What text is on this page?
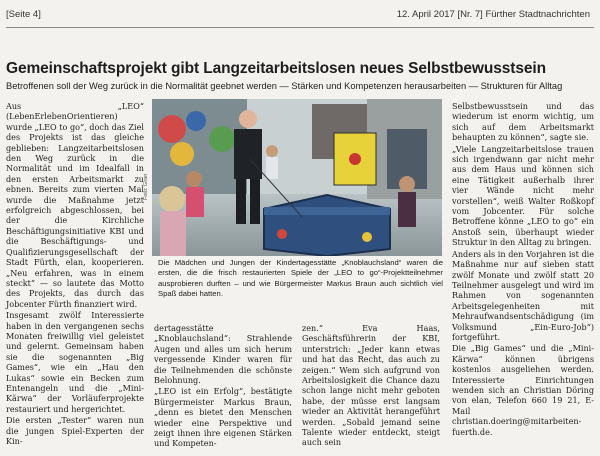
[Seite 4]	12. April 2017 [Nr. 7] Fürther Stadtnachrichten
Gemeinschaftsprojekt gibt Langzeitarbeitslosen neues Selbstbewusstsein
Betroffenen soll der Weg zurück in die Normalität geebnet werden — Stärken und Kompetenzen herausarbeiten — Strukturen für Alltag

Aus „LEO“ (LebenErlebenOrientieren) wurde „LEO to go“, doch das Ziel des Projekts ist das gleiche geblieben: Langzeitarbeitslosen den Weg zurück in die Normalität und im Idealfall in den ersten Arbeitsmarkt zu ebnen. Bereits zum vierten Mal wurde die Maßnahme jetzt erfolgreich abgeschlossen, bei der die Kirchliche Beschäftigungsinitiative KBI und die Beschäftigungs- und Qualifizierungsgesellschaft der Stadt Fürth, elan, kooperieren. „Neu erfahren, was in einem steckt“ — so lautete das Motto des Projekts, das durch das Jobcenter Fürth finanziert wird.

Insgesamt zwölf Interessierte haben in den vergangenen sechs Monaten freiwillig viel geleistet und gelernt. Gemeinsam haben sie die sogenannten „Big Games“, wie ein „Hau den Lukas“ sowie ein Becken zum Entenangeln und die „Mini-Kärwa“ der Vorläuferprojekte restauriert und hergerichtet.

Die ersten „Tester“ waren nun die jungen Spiel-Experten der Kin-

Foto: Gran
Die Mädchen und Jungen der Kindertagesstätte „Knoblauchsland“ waren die ersten, die die frisch restaurierten Spiele der „LEO to go“-Projektteilnehmer ausprobieren durften – und wie Bürgermeister Markus Braun auch sichtlich viel Spaß dabei hatten.

dertagesstätte „Knoblauchsland“: Strahlende Augen und alles um sich herum vergessende Kinder waren für die Teilnehmenden die schönste Belohnung.

„LEO ist ein Erfolg“, bestätigte Bürgermeister Markus Braun, „denn es bietet den Menschen wieder eine Perspektive und zeigt ihnen ihre eigenen Stärken und Kompeten-

zen.“ Eva Haas, Geschäftsführerin der KBI, unterstrich: „Jeder kann etwas und hat das Recht, das auch zu zeigen.“ Wem sich aufgrund von Arbeitslosigkeit die Chance dazu schon lange nicht mehr geboten habe, der müsse erst langsam wieder an Aktivität herangeführt werden. „Sobald jemand seine Talente wieder entdeckt, steigt auch sein

Selbstbewusstsein und das wiederum ist enorm wichtig, um sich auf dem Arbeitsmarkt behaupten zu können“, sagte sie.

„Viele Langzeitarbeitslose trauen sich irgendwann gar nicht mehr aus dem Haus und können sich eine Tätigkeit außerhalb ihrer vier Wände nicht mehr vorstellen“, weiß Walter Roßkopf vom Jobcenter. Für solche Betroffene könne „LEO to go“ ein Anstoß sein, überhaupt wieder Struktur in den Alltag zu bringen.

Anders als in den Vorjahren ist die Maßnahme nur auf sieben statt zwölf Monate und zwölf statt 20 Teilnehmer ausgelegt und wird im Rahmen von sogenannten Arbeitsgelegenheiten mit Mehraufwandsentschädigung (im Volksmund „Ein-Euro-Job“) fortgeführt.

Die „Big Games“ und die „Mini-Kärwa“ können übrigens kostenlos ausgeliehen werden. Interessierte Einrichtungen wenden sich an Christian Döring von elan, Telefon 660 19 21, E-Mail christian.doering@mitarbeiten-fuerth.de.
